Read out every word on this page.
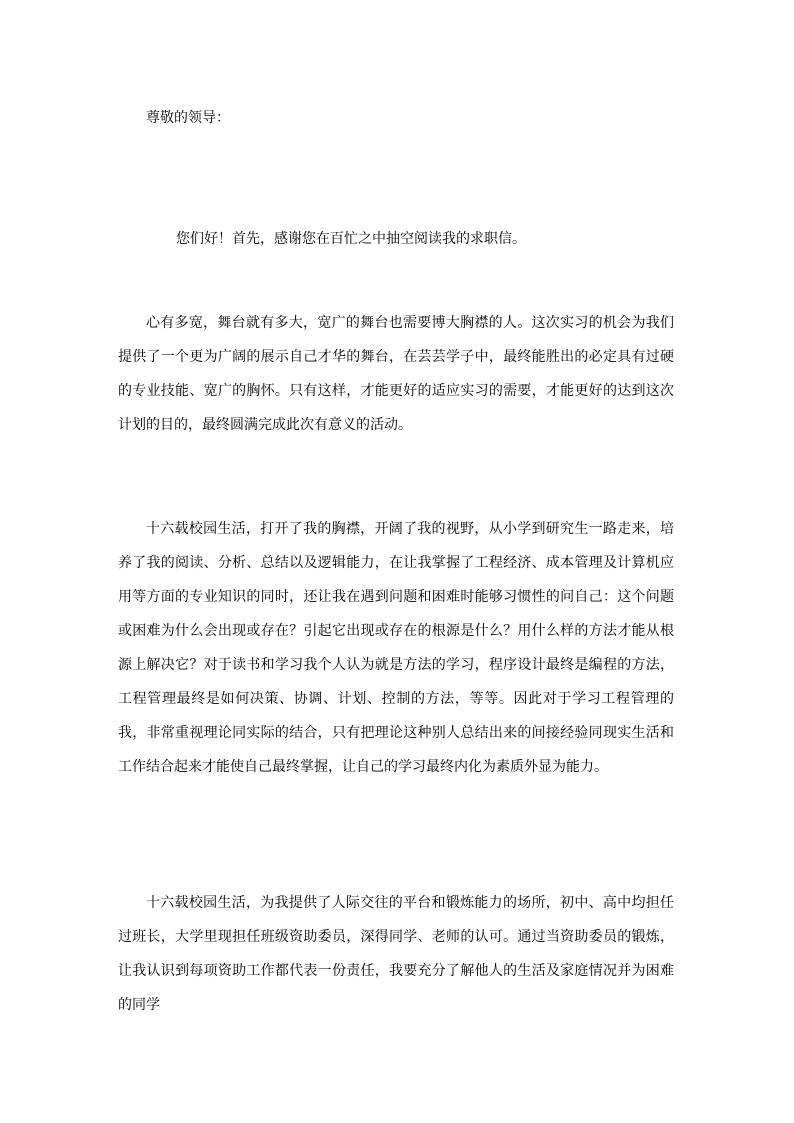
尊敬的领导：
您们好！首先，感谢您在百忙之中抽空阅读我的求职信。

心有多宽，舞台就有多大，宽广的舞台也需要博大胸襟的人。这次实习的机会为我们提供了一个更为广阔的展示自己才华的舞台，在芸芸学子中，最终能胜出的必定具有过硬的专业技能、宽广的胸怀。只有这样，才能更好的适应实习的需要，才能更好的达到这次计划的目的，最终圆满完成此次有意义的活动。

十六载校园生活，打开了我的胸襟，开阔了我的视野，从小学到研究生一路走来，培养了我的阅读、分析、总结以及逻辑能力，在让我掌握了工程经济、成本管理及计算机应用等方面的专业知识的同时，还让我在遇到问题和困难时能够习惯性的问自己：这个问题或困难为什么会出现或存在？引起它出现或存在的根源是什么？用什么样的方法才能从根源上解决它？对于读书和学习我个人认为就是方法的学习，程序设计最终是编程的方法，工程管理最终是如何决策、协调、计划、控制的方法，等等。因此对于学习工程管理的我，非常重视理论同实际的结合，只有把理论这种别人总结出来的间接经验同现实生活和工作结合起来才能使自己最终掌握，让自己的学习最终内化为素质外显为能力。

十六载校园生活，为我提供了人际交往的平台和锻炼能力的场所，初中、高中均担任过班长，大学里现担任班级资助委员，深得同学、老师的认可。通过当资助委员的锻炼，让我认识到每项资助工作都代表一份责任，我要充分了解他人的生活及家庭情况并为困难的同学
